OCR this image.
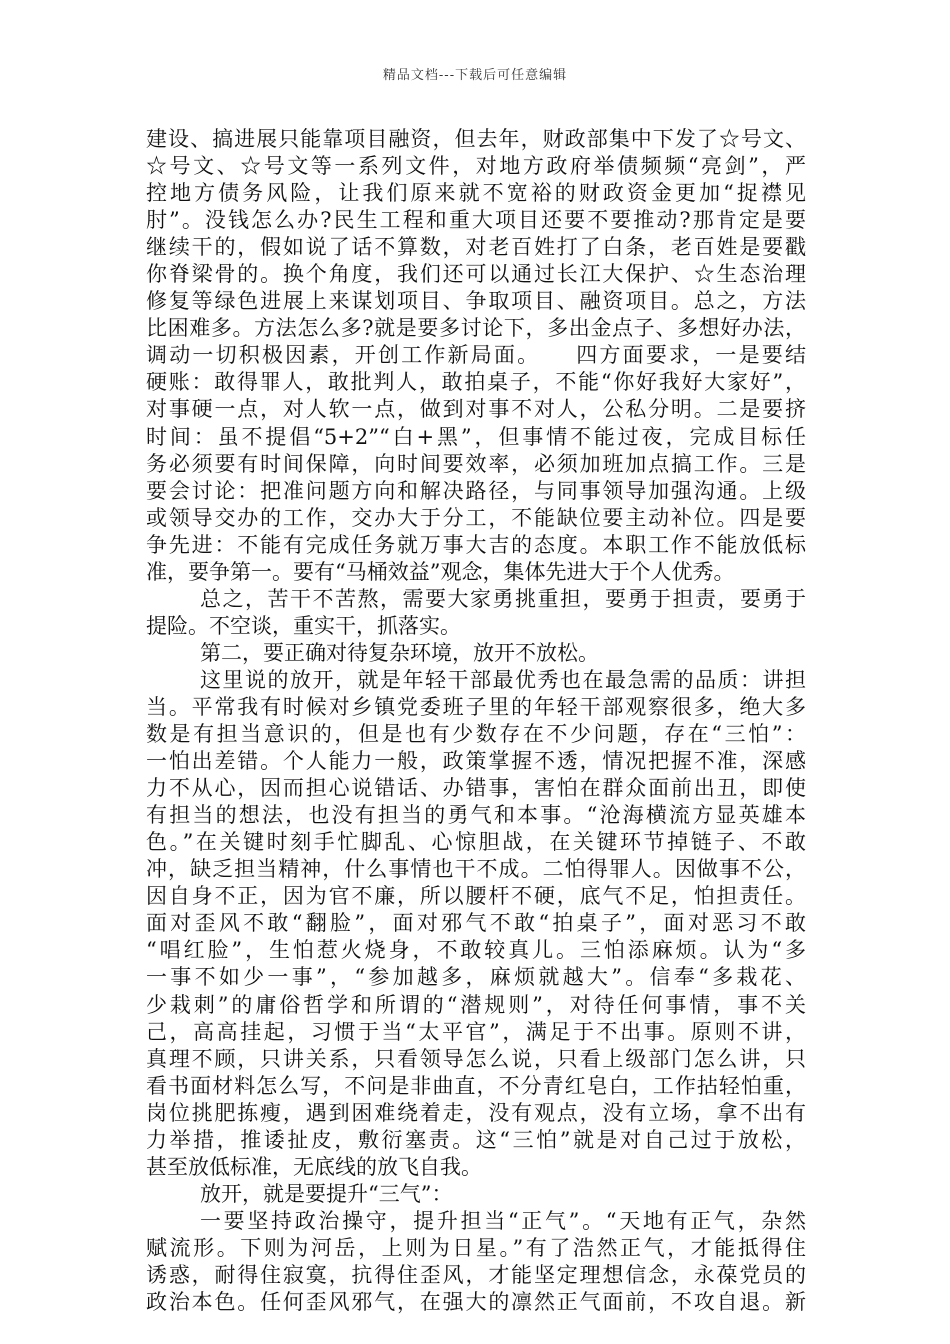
精品文档---下载后可任意编辑
建设、搞进展只能靠项目融资，但去年，财政部集中下发了☆号文、
☆号文、☆号文等一系列文件，对地方政府举债频频“亮剑”，严
控地方债务风险，让我们原来就不宽裕的财政资金更加“捉襟见
肘”。没钱怎么办?民生工程和重大项目还要不要推动?那肯定是要
继续干的，假如说了话不算数，对老百姓打了白条，老百姓是要戳
你脊梁骨的。换个角度，我们还可以通过长江大保护、☆生态治理
修复等绿色进展上来谋划项目、争取项目、融资项目。总之，方法
比困难多。方法怎么多?就是要多讨论下，多出金点子、多想好办法，
调动一切积极因素，开创工作新局面。　　四方面要求，一是要结
硬账：敢得罪人，敢批判人，敢拍桌子，不能“你好我好大家好”，
对事硬一点，对人软一点，做到对事不对人，公私分明。二是要挤
时间：虽不提倡“5+2”“白+黑”，但事情不能过夜，完成目标任
务必须要有时间保障，向时间要效率，必须加班加点搞工作。三是
要会讨论：把准问题方向和解决路径，与同事领导加强沟通。上级
或领导交办的工作，交办大于分工，不能缺位要主动补位。四是要
争先进：不能有完成任务就万事大吉的态度。本职工作不能放低标
准，要争第一。要有“马桶效益”观念，集体先进大于个人优秀。
总之，苦干不苦熬，需要大家勇挑重担，要勇于担责，要勇于
提险。不空谈，重实干，抓落实。
第二，要正确对待复杂环境，放开不放松。
这里说的放开，就是年轻干部最优秀也在最急需的品质：讲担
当。平常我有时候对乡镇党委班子里的年轻干部观察很多，绝大多
数是有担当意识的，但是也有少数存在不少问题，存在“三怕”：
一怕出差错。个人能力一般，政策掌握不透，情况把握不准，深感
力不从心，因而担心说错话、办错事，害怕在群众面前出丑，即使
有担当的想法，也没有担当的勇气和本事。“沧海横流方显英雄本
色。”在关键时刻手忙脚乱、心惊胆战，在关键环节掉链子、不敢
冲，缺乏担当精神，什么事情也干不成。二怕得罪人。因做事不公，
因自身不正，因为官不廉，所以腰杆不硬，底气不足，怕担责任。
面对歪风不敢“翻脸”，面对邪气不敢“拍桌子”，面对恶习不敢
“唱红脸”，生怕惹火烧身，不敢较真儿。三怕添麻烦。认为“多
一事不如少一事”，“参加越多，麻烦就越大”。信奉“多栽花、
少栽刺”的庸俗哲学和所谓的“潜规则”，对待任何事情，事不关
己，高高挂起，习惯于当“太平官”，满足于不出事。原则不讲，
真理不顾，只讲关系，只看领导怎么说，只看上级部门怎么讲，只
看书面材料怎么写，不问是非曲直，不分青红皂白，工作拈轻怕重，
岗位挑肥拣瘦，遇到困难绕着走，没有观点，没有立场，拿不出有
力举措，推诿扯皮，敷衍塞责。这“三怕”就是对自己过于放松，
甚至放低标准，无底线的放飞自我。
放开，就是要提升“三气”：
一要坚持政治操守，提升担当“正气”。“天地有正气，杂然
赋流形。下则为河岳，上则为日星。”有了浩然正气，才能抵得住
诱惑，耐得住寂寞，抗得住歪风，才能坚定理想信念，永葆党员的
政治本色。任何歪风邪气，在强大的凛然正气面前，不攻自退。新
